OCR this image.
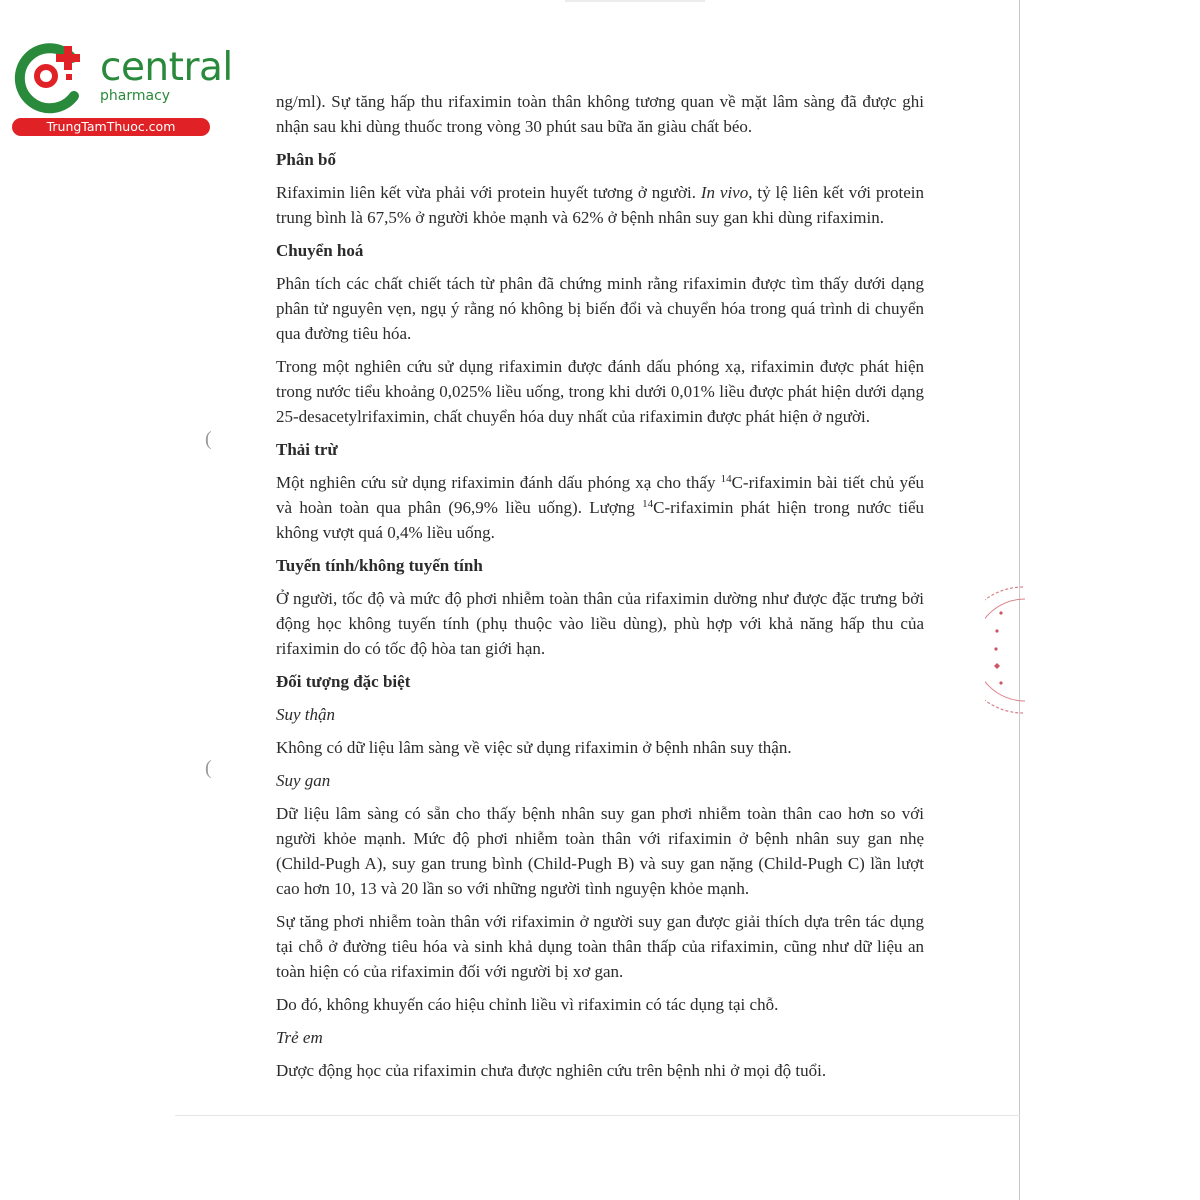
(
(
central
pharmacy
TrungTamThuoc.com

ng/ml). Sự tăng hấp thu rifaximin toàn thân không tương quan về mặt lâm sàng đã được ghi nhận sau khi dùng thuốc trong vòng 30 phút sau bữa ăn giàu chất béo.

Phân bố

Rifaximin liên kết vừa phải với protein huyết tương ở người. In vivo, tỷ lệ liên kết với protein trung bình là 67,5% ở người khỏe mạnh và 62% ở bệnh nhân suy gan khi dùng rifaximin.

Chuyển hoá

Phân tích các chất chiết tách từ phân đã chứng minh rằng rifaximin được tìm thấy dưới dạng phân tử nguyên vẹn, ngụ ý rằng nó không bị biến đổi và chuyển hóa trong quá trình di chuyển qua đường tiêu hóa.

Trong một nghiên cứu sử dụng rifaximin được đánh dấu phóng xạ, rifaximin được phát hiện trong nước tiểu khoảng 0,025% liều uống, trong khi dưới 0,01% liều được phát hiện dưới dạng 25-desacetylrifaximin, chất chuyển hóa duy nhất của rifaximin được phát hiện ở người.

Thải trừ

Một nghiên cứu sử dụng rifaximin đánh dấu phóng xạ cho thấy $^{14}$C-rifaximin bài tiết chủ yếu và hoàn toàn qua phân (96,9% liều uống). Lượng $^{14}$C-rifaximin phát hiện trong nước tiểu không vượt quá 0,4% liều uống.

Tuyến tính/không tuyến tính

Ở người, tốc độ và mức độ phơi nhiễm toàn thân của rifaximin dường như được đặc trưng bởi động học không tuyến tính (phụ thuộc vào liều dùng), phù hợp với khả năng hấp thu của rifaximin do có tốc độ hòa tan giới hạn.

Đối tượng đặc biệt

Suy thận

Không có dữ liệu lâm sàng về việc sử dụng rifaximin ở bệnh nhân suy thận.

Suy gan

Dữ liệu lâm sàng có sẵn cho thấy bệnh nhân suy gan phơi nhiễm toàn thân cao hơn so với người khỏe mạnh. Mức độ phơi nhiễm toàn thân với rifaximin ở bệnh nhân suy gan nhẹ (Child-Pugh A), suy gan trung bình (Child-Pugh B) và suy gan nặng (Child-Pugh C) lần lượt cao hơn 10, 13 và 20 lần so với những người tình nguyện khỏe mạnh.

Sự tăng phơi nhiễm toàn thân với rifaximin ở người suy gan được giải thích dựa trên tác dụng tại chỗ ở đường tiêu hóa và sinh khả dụng toàn thân thấp của rifaximin, cũng như dữ liệu an toàn hiện có của rifaximin đối với người bị xơ gan.

Do đó, không khuyến cáo hiệu chỉnh liều vì rifaximin có tác dụng tại chỗ.

Trẻ em

Dược động học của rifaximin chưa được nghiên cứu trên bệnh nhi ở mọi độ tuổi.
